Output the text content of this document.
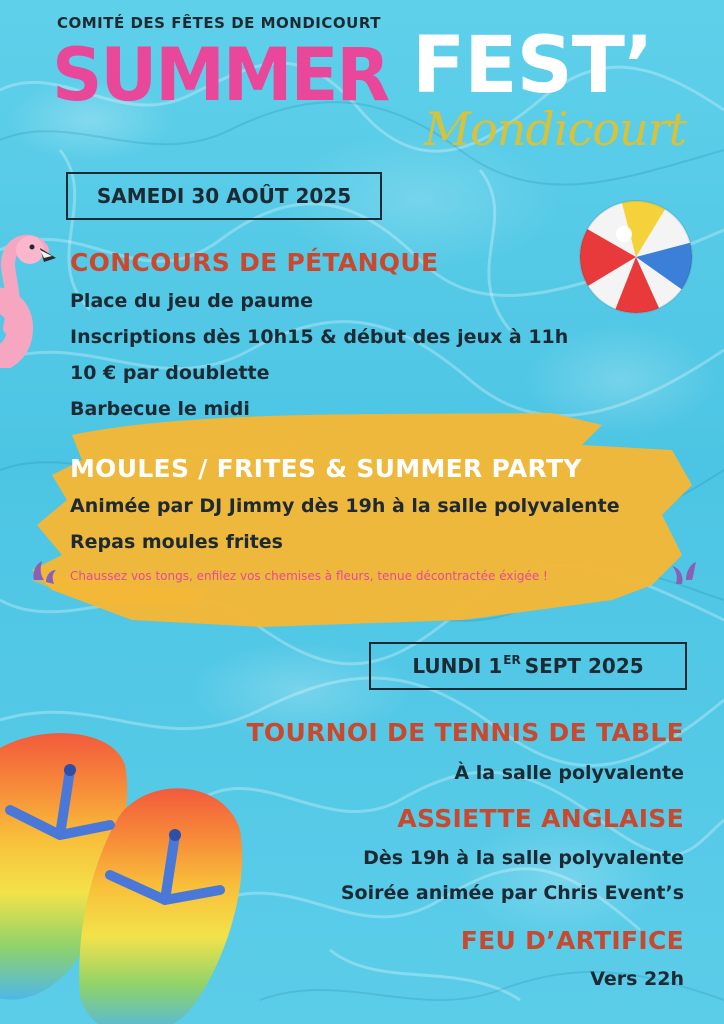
COMITÉ DES FÊTES DE MONDICOURT
SUMMER FEST’
Mondicourt
SAMEDI 30 AOÛT 2025
CONCOURS DE PÉTANQUE
Place du jeu de paume
Inscriptions dès 10h15 & début des jeux à 11h
10 € par doublette
Barbecue le midi
MOULES / FRITES & SUMMER PARTY
Animée par DJ Jimmy dès 19h à la salle polyvalente
Repas moules frites
Chaussez vos tongs, enfilez vos chemises à fleurs, tenue décontractée éxigée !
LUNDI 1ER SEPT 2025
TOURNOI DE TENNIS DE TABLE
À la salle polyvalente
ASSIETTE ANGLAISE
Dès 19h à la salle polyvalente
Soirée animée par Chris Event’s
FEU D’ARTIFICE
Vers 22h
